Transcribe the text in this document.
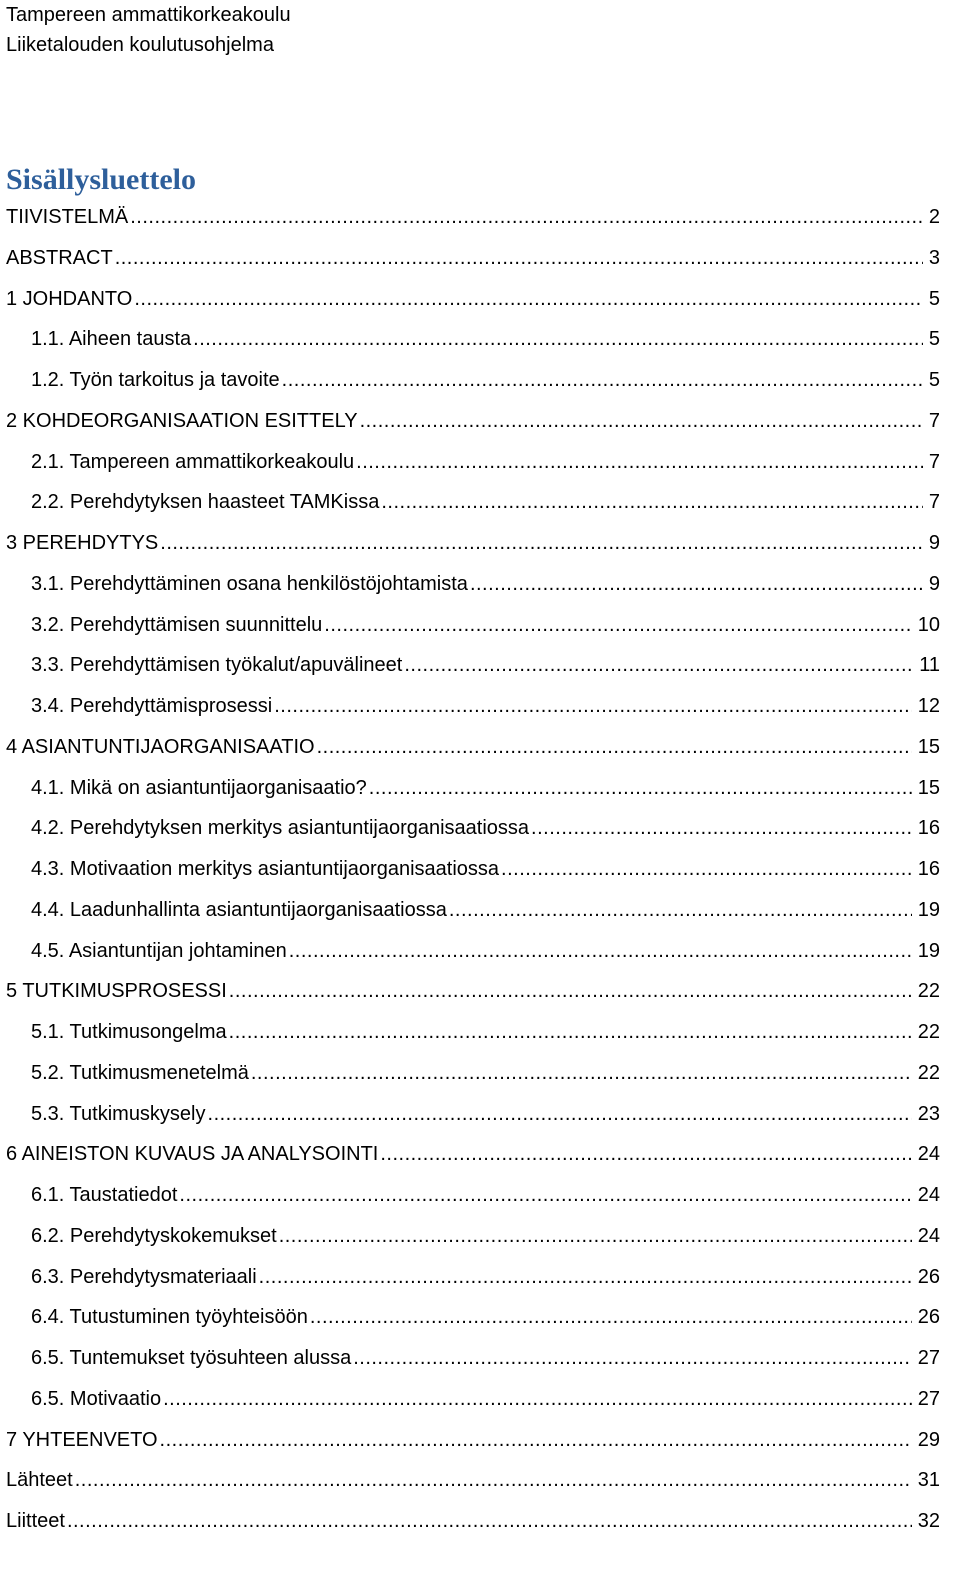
Tampereen ammattikorkeakoulu
Liiketalouden koulutusohjelma
Sisällysluettelo
TIIVISTELMÄ .....	2
ABSTRACT .....	3
1 JOHDANTO .....	5
1.1. Aiheen tausta .....	5
1.2. Työn tarkoitus ja tavoite .....	5
2 KOHDEORGANISAATION ESITTELY .....	7
2.1. Tampereen ammattikorkeakoulu .....	7
2.2. Perehdytyksen haasteet TAMKissa .....	7
3 PEREHDYTYS .....	9
3.1. Perehdyttäminen osana henkilöstöjohtamista .....	9
3.2. Perehdyttämisen suunnittelu .....	10
3.3. Perehdyttämisen työkalut/apuvälineet .....	11
3.4. Perehdyttämisprosessi .....	12
4 ASIANTUNTIJAORGANISAATIO .....	15
4.1. Mikä on asiantuntijaorganisaatio? .....	15
4.2. Perehdytyksen merkitys asiantuntijaorganisaatiossa .....	16
4.3. Motivaation merkitys asiantuntijaorganisaatiossa .....	16
4.4. Laadunhallinta asiantuntijaorganisaatiossa .....	19
4.5. Asiantuntijan johtaminen .....	19
5 TUTKIMUSPROSESSI .....	22
5.1. Tutkimusongelma .....	22
5.2. Tutkimusmenetelmä .....	22
5.3. Tutkimuskysely .....	23
6 AINEISTON KUVAUS JA ANALYSOINTI .....	24
6.1. Taustatiedot .....	24
6.2. Perehdytyskokemukset .....	24
6.3. Perehdytysmateriaali .....	26
6.4. Tutustuminen työyhteisöön .....	26
6.5. Tuntemukset työsuhteen alussa .....	27
6.5. Motivaatio .....	27
7 YHTEENVETO .....	29
Lähteet .....	31
Liitteet .....	32
